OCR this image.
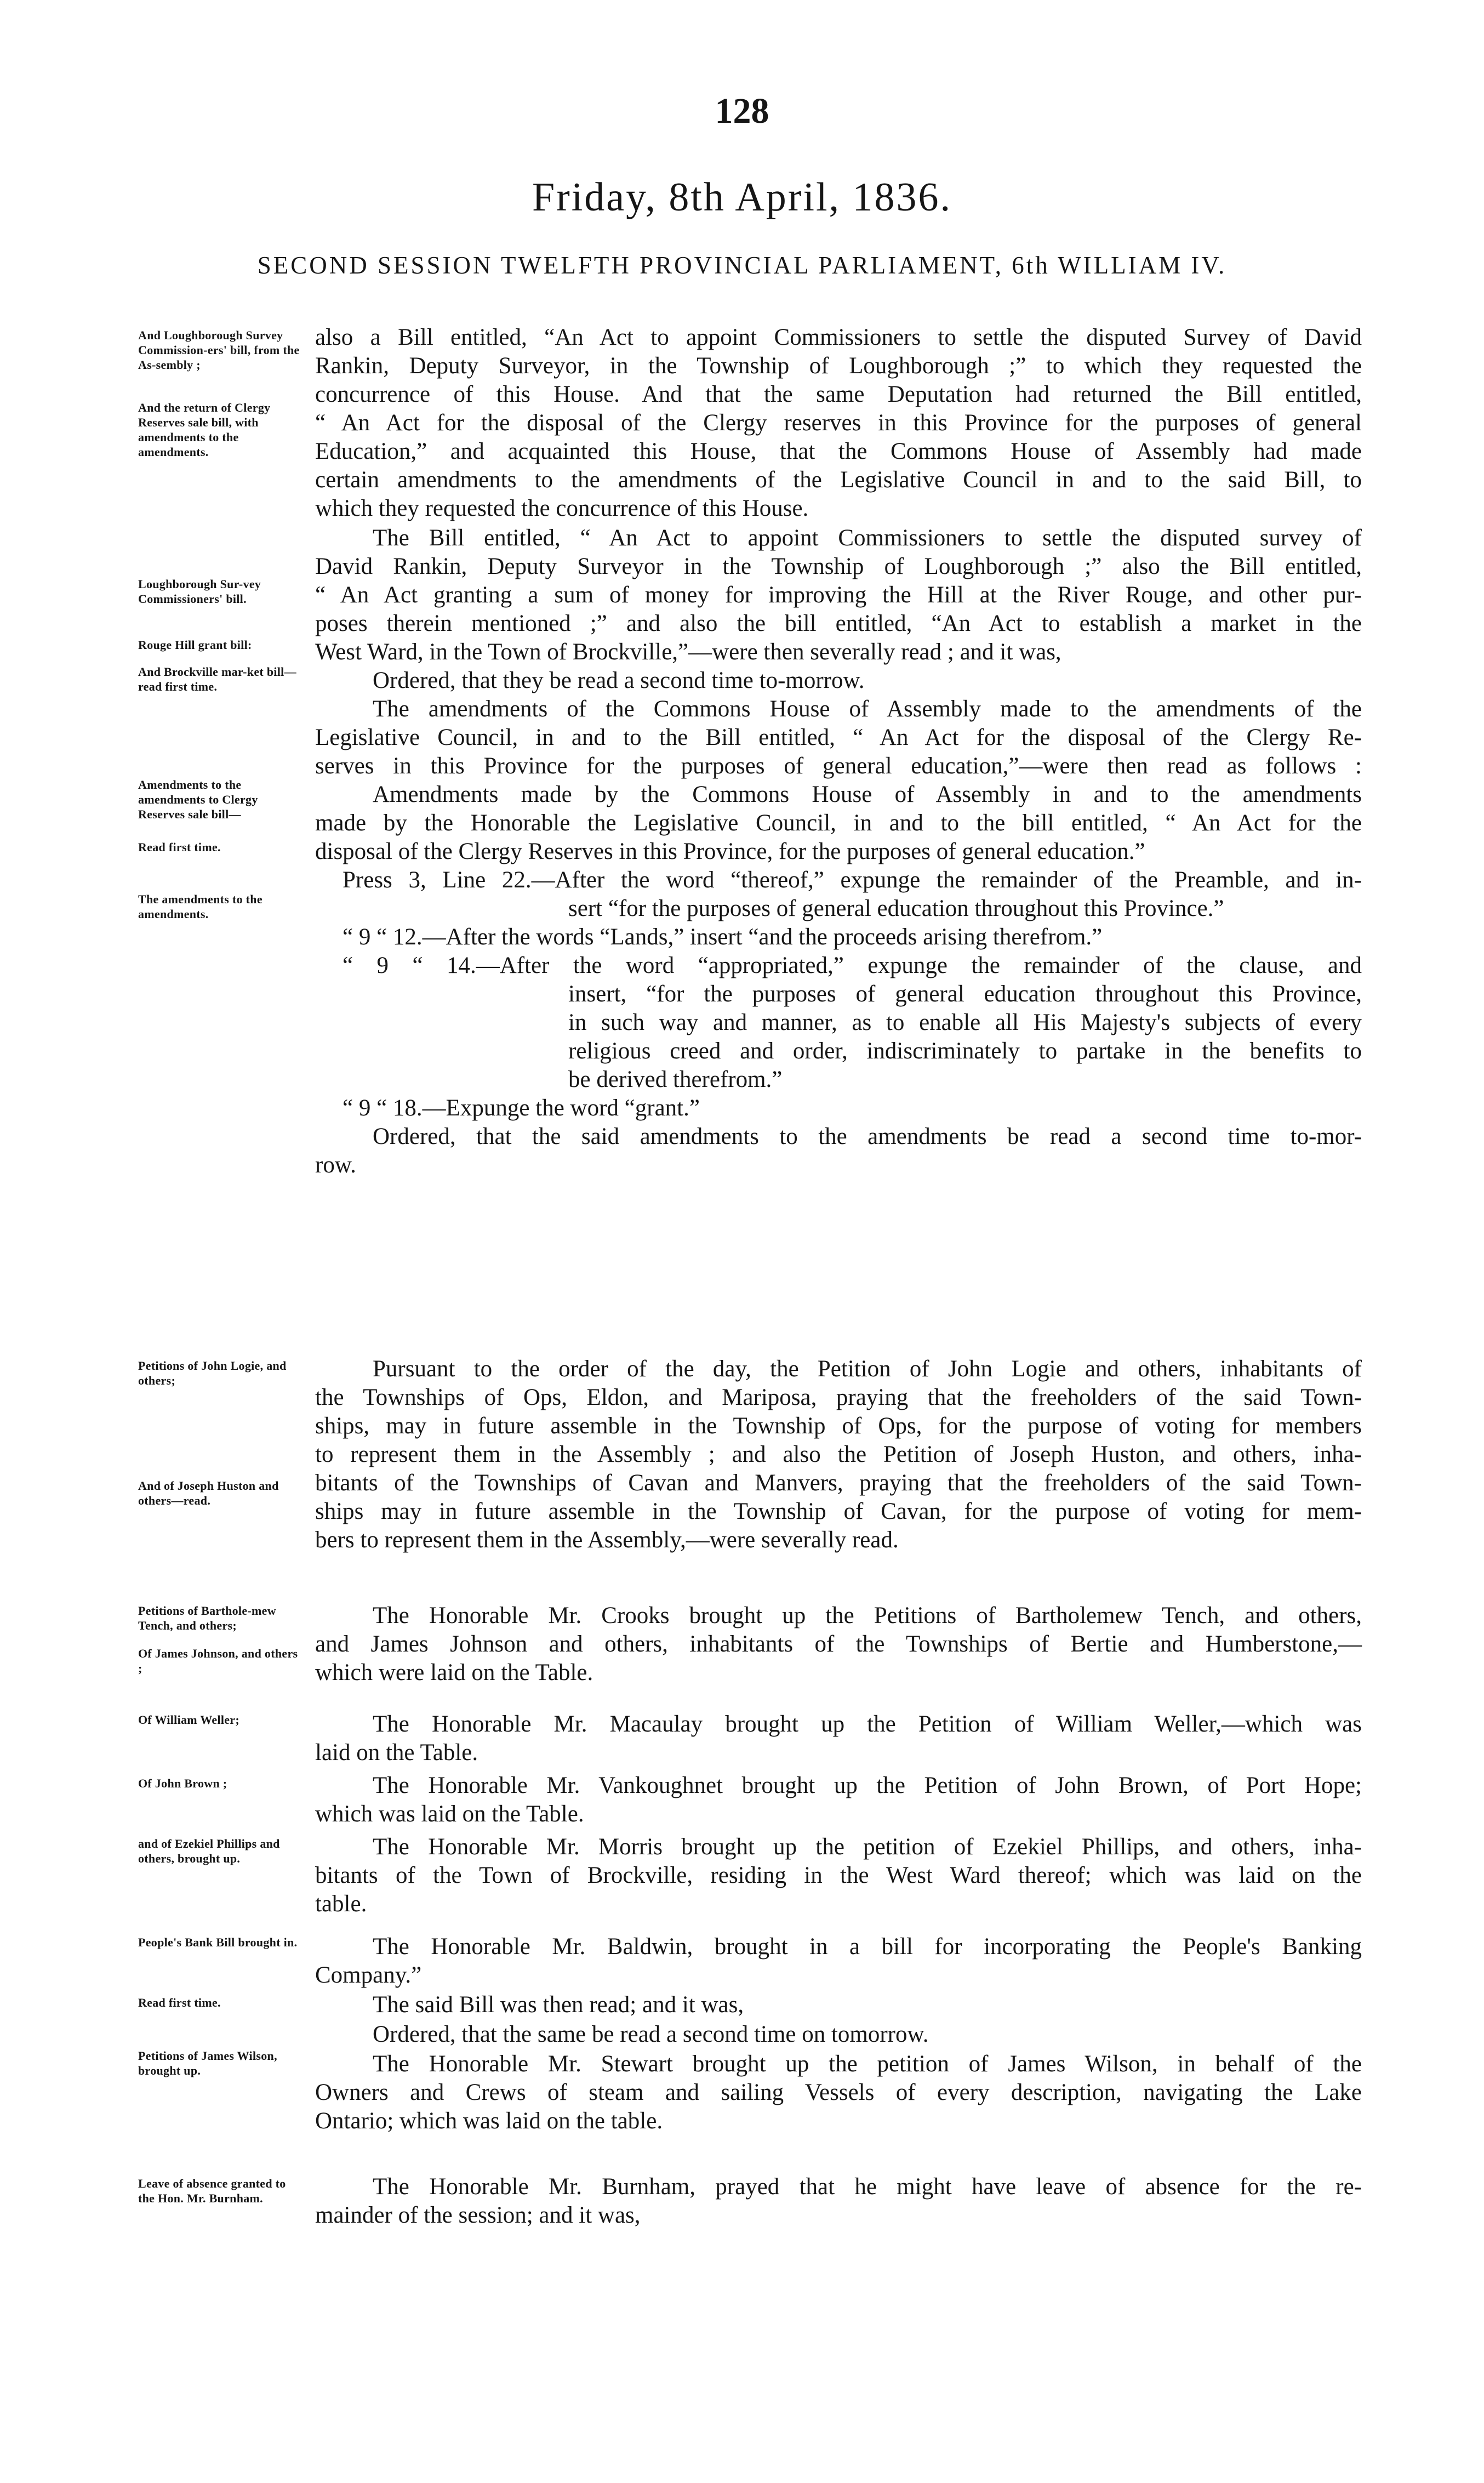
128
Friday, 8th April, 1836.
SECOND SESSION TWELFTH PROVINCIAL PARLIAMENT, 6th WILLIAM IV.
And Loughborough Survey Commission-ers' bill, from the As-sembly ;
And the return of Clergy Reserves sale bill, with amendments to the amendments.
Loughborough Sur-vey Commissioners' bill.
Rouge Hill grant bill:
And Brockville mar-ket bill—read first time.
Amendments to the amendments to Clergy Reserves sale bill—
Read first time.
The amendments to the amendments.
Petitions of John Logie, and others;
And of Joseph Huston and others—read.
Petitions of Barthole-mew Tench, and others;
Of James Johnson, and others ;
Of William Weller;
Of John Brown ;
and of Ezekiel Phillips and others, brought up.
People's Bank Bill brought in.
Read first time.
Petitions of James Wilson, brought up.
Leave of absence granted to the Hon. Mr. Burnham.
also a Bill entitled, “An Act to appoint Commissioners to settle the disputed Survey of David
Rankin, Deputy Surveyor, in the Township of Loughborough ;” to which they requested the
concurrence of this House. And that the same Deputation had returned the Bill entitled,
“ An Act for the disposal of the Clergy reserves in this Province for the purposes of general
Education,” and acquainted this House, that the Commons House of Assembly had made
certain amendments to the amendments of the Legislative Council in and to the said Bill, to
which they requested the concurrence of this House.
The Bill entitled, “ An Act to appoint Commissioners to settle the disputed survey of
David Rankin, Deputy Surveyor in the Township of Loughborough ;” also the Bill entitled,
“ An Act granting a sum of money for improving the Hill at the River Rouge, and other pur-
poses therein mentioned ;” and also the bill entitled, “An Act to establish a market in the
West Ward, in the Town of Brockville,”—were then severally read ; and it was,
Ordered, that they be read a second time to-morrow.
The amendments of the Commons House of Assembly made to the amendments of the
Legislative Council, in and to the Bill entitled, “ An Act for the disposal of the Clergy Re-
serves in this Province for the purposes of general education,”—were then read as follows :
Amendments made by the Commons House of Assembly in and to the amendments
made by the Honorable the Legislative Council, in and to the bill entitled, “ An Act for the
disposal of the Clergy Reserves in this Province, for the purposes of general education.”
Press 3, Line 22.—After the word “thereof,” expunge the remainder of the Preamble, and in-
sert “for the purposes of general education throughout this Province.”
“ 9 “ 12.—After the words “Lands,” insert “and the proceeds arising therefrom.”
“ 9 “ 14.—After the word “appropriated,” expunge the remainder of the clause, and
insert, “for the purposes of general education throughout this Province,
in such way and manner, as to enable all His Majesty's subjects of every
religious creed and order, indiscriminately to partake in the benefits to
be derived therefrom.”
“ 9 “ 18.—Expunge the word “grant.”
Ordered, that the said amendments to the amendments be read a second time to-mor-
row.
Pursuant to the order of the day, the Petition of John Logie and others, inhabitants of
the Townships of Ops, Eldon, and Mariposa, praying that the freeholders of the said Town-
ships, may in future assemble in the Township of Ops, for the purpose of voting for members
to represent them in the Assembly ; and also the Petition of Joseph Huston, and others, inha-
bitants of the Townships of Cavan and Manvers, praying that the freeholders of the said Town-
ships may in future assemble in the Township of Cavan, for the purpose of voting for mem-
bers to represent them in the Assembly,—were severally read.
The Honorable Mr. Crooks brought up the Petitions of Bartholemew Tench, and others,
and James Johnson and others, inhabitants of the Townships of Bertie and Humberstone,—
which were laid on the Table.
The Honorable Mr. Macaulay brought up the Petition of William Weller,—which was
laid on the Table.
The Honorable Mr. Vankoughnet brought up the Petition of John Brown, of Port Hope;
which was laid on the Table.
The Honorable Mr. Morris brought up the petition of Ezekiel Phillips, and others, inha-
bitants of the Town of Brockville, residing in the West Ward thereof; which was laid on the
table.
The Honorable Mr. Baldwin, brought in a bill for incorporating the People's Banking
Company.”
The said Bill was then read; and it was,
Ordered, that the same be read a second time on tomorrow.
The Honorable Mr. Stewart brought up the petition of James Wilson, in behalf of the
Owners and Crews of steam and sailing Vessels of every description, navigating the Lake
Ontario; which was laid on the table.
The Honorable Mr. Burnham, prayed that he might have leave of absence for the re-
mainder of the session; and it was,
